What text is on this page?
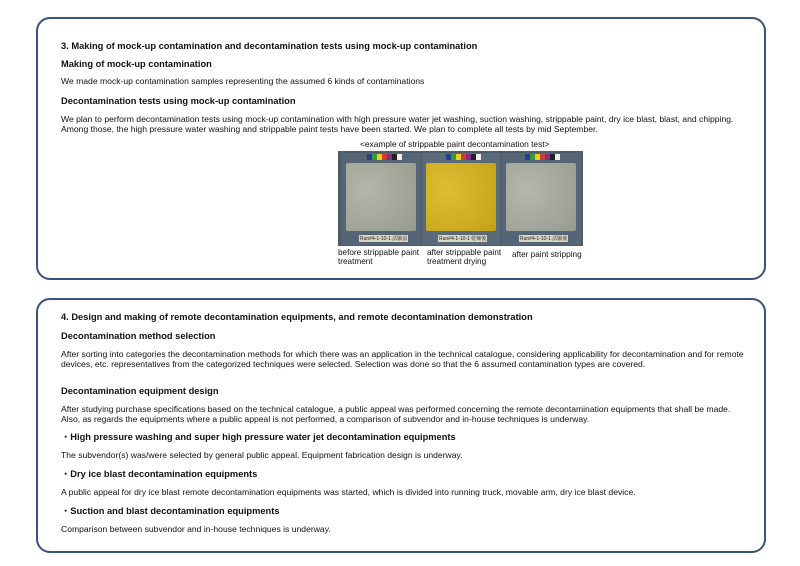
3. Making of mock-up contamination and decontamination tests using mock-up contamination

Making of mock-up contamination

We made mock-up contamination samples representing the assumed 6 kinds of contaminations

Decontamination tests using mock-up contamination

We plan to perform decontamination tests using mock-up contamination with high pressure water jet washing, suction washing, strippable paint, dry ice blast, blast, and chipping. Among those, the high pressure water washing and strippable paint tests have been started. We plan to complete all tests by mid September.

<example of strippable paint decontamination test>
Run#4-1-10-1 試験前	Run#4-1-10-1 乾燥後	Run#4-1-10-1 試験後
before strippable paint treatment
after strippable paint treatment drying
after paint stripping

4. Design and making of remote decontamination equipments, and remote decontamination demonstration

Decontamination method selection

After sorting into categories the decontamination methods for which there was an application in the technical catalogue, considering applicability for decontamination and for remote devices, etc. representatives from the categorized techniques were selected. Selection was done so that the 6 assumed contamination types are covered.

Decontamination equipment design

After studying purchase specifications based on the technical catalogue, a public appeal was performed concerning the remote decontamination equipments that shall be made. Also, as regards the equipments where a public appeal is not performed, a comparison of subvendor and in-house techniques is underway.

・High pressure washing and super high pressure water jet decontamination equipments

The subvendor(s) was/were selected by general public appeal. Equipment fabrication design is underway.

・Dry ice blast decontamination equipments

A public appeal for dry ice blast remote decontamination equipments was started, which is divided into running truck, movable arm, dry ice blast device.

・Suction and blast decontamination equipments

Comparison between subvendor and in-house techniques is underway.
